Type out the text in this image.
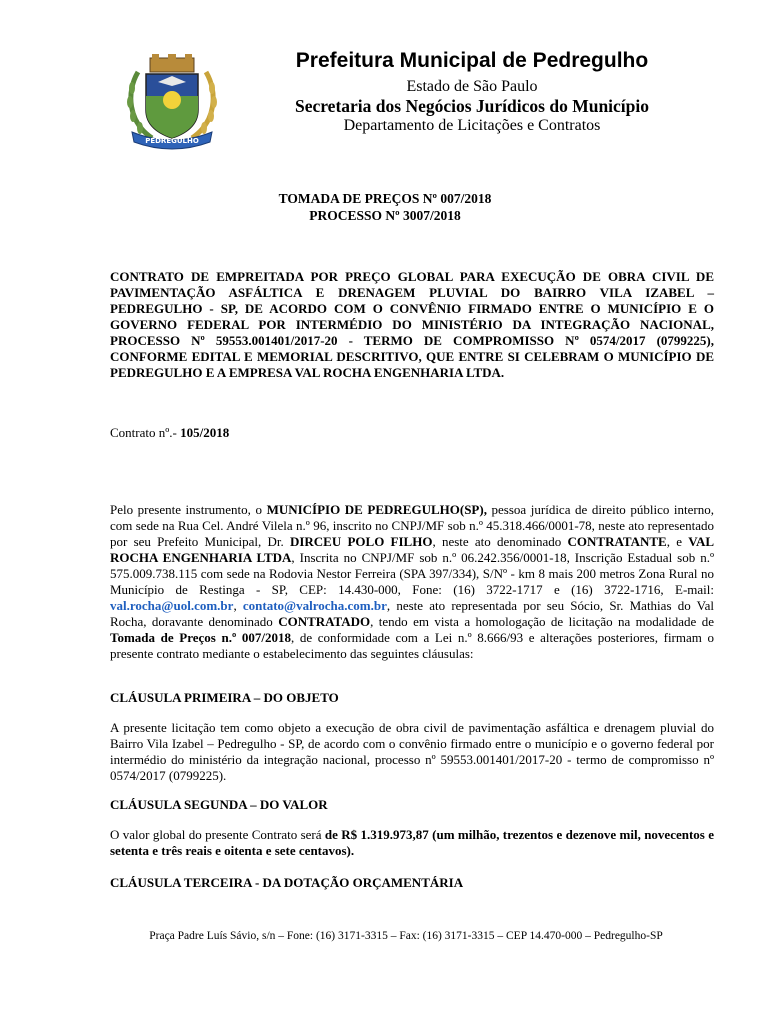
PEDREGULHO
Prefeitura Municipal de Pedregulho
Estado de São Paulo
Secretaria dos Negócios Jurídicos do Município
Departamento de Licitações e Contratos
TOMADA DE PREÇOS Nº 007/2018
PROCESSO Nº 3007/2018
CONTRATO DE EMPREITADA POR PREÇO GLOBAL PARA EXECUÇÃO DE OBRA CIVIL DE PAVIMENTAÇÃO ASFÁLTICA E DRENAGEM PLUVIAL DO BAIRRO VILA IZABEL – PEDREGULHO - SP, DE ACORDO COM O CONVÊNIO FIRMADO ENTRE O MUNICÍPIO E O GOVERNO FEDERAL POR INTERMÉDIO DO MINISTÉRIO DA INTEGRAÇÃO NACIONAL, PROCESSO Nº 59553.001401/2017-20 - TERMO DE COMPROMISSO Nº 0574/2017 (0799225), CONFORME EDITAL E MEMORIAL DESCRITIVO, QUE ENTRE SI CELEBRAM O MUNICÍPIO DE PEDREGULHO E A EMPRESA VAL ROCHA ENGENHARIA LTDA.
Contrato nº.- 105/2018
Pelo presente instrumento, o MUNICÍPIO DE PEDREGULHO(SP), pessoa jurídica de direito público interno, com sede na Rua Cel. André Vilela n.º 96, inscrito no CNPJ/MF sob n.º 45.318.466/0001-78, neste ato representado por seu Prefeito Municipal, Dr. DIRCEU POLO FILHO, neste ato denominado CONTRATANTE, e VAL ROCHA ENGENHARIA LTDA, Inscrita no CNPJ/MF sob n.º 06.242.356/0001-18, Inscrição Estadual sob n.º 575.009.738.115 com sede na Rodovia Nestor Ferreira (SPA 397/334), S/Nº - km 8 mais 200 metros Zona Rural no Município de Restinga - SP, CEP: 14.430-000, Fone: (16) 3722-1717 e (16) 3722-1716, E-mail: val.rocha@uol.com.br, contato@valrocha.com.br, neste ato representada por seu Sócio, Sr. Mathias do Val Rocha, doravante denominado CONTRATADO, tendo em vista a homologação de licitação na modalidade de Tomada de Preços n.º 007/2018, de conformidade com a Lei n.º 8.666/93 e alterações posteriores, firmam o presente contrato mediante o estabelecimento das seguintes cláusulas:
CLÁUSULA PRIMEIRA – DO OBJETO
A presente licitação tem como objeto a execução de obra civil de pavimentação asfáltica e drenagem pluvial do Bairro Vila Izabel – Pedregulho - SP, de acordo com o convênio firmado entre o município e o governo federal por intermédio do ministério da integração nacional, processo nº 59553.001401/2017-20 - termo de compromisso nº 0574/2017 (0799225).
CLÁUSULA SEGUNDA – DO VALOR
O valor global do presente Contrato será de R$ 1.319.973,87 (um milhão, trezentos e dezenove mil, novecentos e setenta e três reais e oitenta e sete centavos).
CLÁUSULA TERCEIRA - DA DOTAÇÃO ORÇAMENTÁRIA
Praça Padre Luís Sávio, s/n – Fone: (16) 3171-3315 – Fax: (16) 3171-3315 – CEP 14.470-000 – Pedregulho-SP
